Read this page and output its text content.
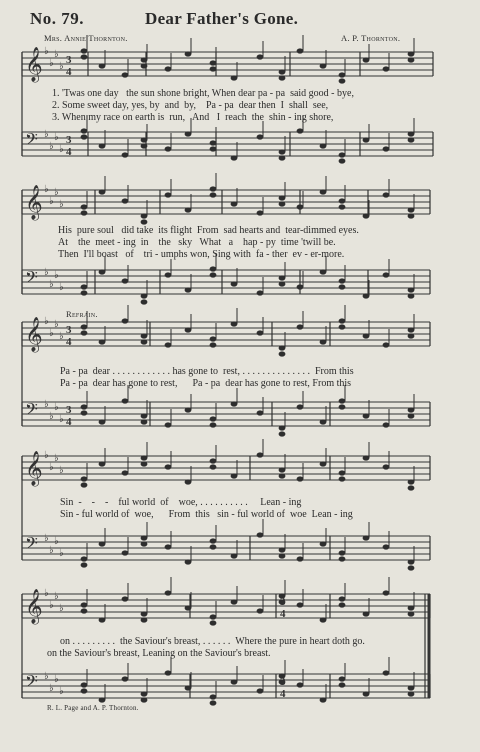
No. 79.	Dear Father's Gone.
Mrs. Annie Thornton.	A. P. Thornton.
𝄞 ♭
♭
♭
♭
3
4
𝄢 ♭
♭
♭
♭
3
4
𝄞 ♭
♭
♭
♭
𝄢 ♭
♭
♭
♭
𝄞 ♭
♭
♭
♭
3
4
𝄢 ♭
♭
♭
♭
3
4
𝄞 ♭
♭
♭
♭
𝄢 ♭
♭
♭
♭
𝄞 ♭
♭
♭
♭	4
𝄢 ♭
♭
♭
♭	4
1. 'Twas one day   the sun shone bright, When dear pa - pa  said good - bye,
2. Some sweet day, yes, by  and  by,    Pa - pa  dear then  I  shall  see,
3. When my race on earth is  run,   And   I  reach  the  shin - ing shore,
His  pure soul   did take  its flight  From  sad hearts and  tear-dimmed eyes.
At    the  meet - ing  in    the   sky   What   a    hap - py  time 'twill be.
Then  I'll boast   of    tri - umphs won, Sing with  fa - ther  ev - er-more.
Refrain.
Pa - pa  dear . . . . . . . . . . . . has gone to  rest, . . . . . . . . . . . . . .  From this
Pa - pa  dear has gone to rest,      Pa - pa  dear has gone to rest, From this
Sin  -    -    -    ful world  of    woe, . . . . . . . . . .     Lean - ing
Sin - ful world of  woe,      From  this   sin - ful world of  woe  Lean - ing
on . . . . . . . . .  the Saviour's breast, . . . . . .  Where the pure in heart doth go.
on the Saviour's breast, Leaning on the Saviour's breast.
R. L. Page and A. P. Thornton.
